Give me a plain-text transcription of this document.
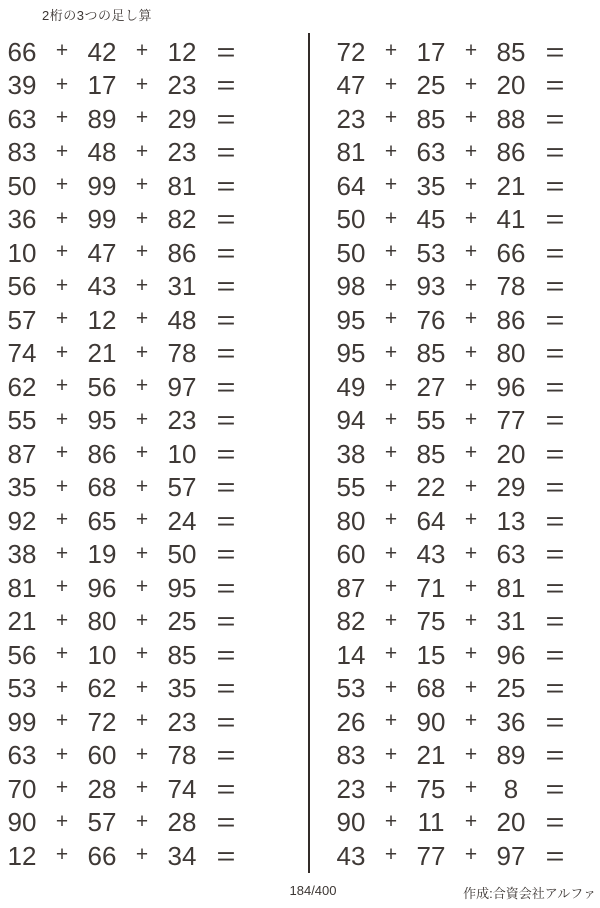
2桁の3つの足し算
66 + 42 + 12 =
39 + 17 + 23 =
63 + 89 + 29 =
83 + 48 + 23 =
50 + 99 + 81 =
36 + 99 + 82 =
10 + 47 + 86 =
56 + 43 + 31 =
57 + 12 + 48 =
74 + 21 + 78 =
62 + 56 + 97 =
55 + 95 + 23 =
87 + 86 + 10 =
35 + 68 + 57 =
92 + 65 + 24 =
38 + 19 + 50 =
81 + 96 + 95 =
21 + 80 + 25 =
56 + 10 + 85 =
53 + 62 + 35 =
99 + 72 + 23 =
63 + 60 + 78 =
70 + 28 + 74 =
90 + 57 + 28 =
12 + 66 + 34 =
72 + 17 + 85 =
47 + 25 + 20 =
23 + 85 + 88 =
81 + 63 + 86 =
64 + 35 + 21 =
50 + 45 + 41 =
50 + 53 + 66 =
98 + 93 + 78 =
95 + 76 + 86 =
95 + 85 + 80 =
49 + 27 + 96 =
94 + 55 + 77 =
38 + 85 + 20 =
55 + 22 + 29 =
80 + 64 + 13 =
60 + 43 + 63 =
87 + 71 + 81 =
82 + 75 + 31 =
14 + 15 + 96 =
53 + 68 + 25 =
26 + 90 + 36 =
83 + 21 + 89 =
23 + 75 +	8	=
90 + 11 + 20 =
43 + 77 + 97 =
184/400	作成:合資会社アルファ
